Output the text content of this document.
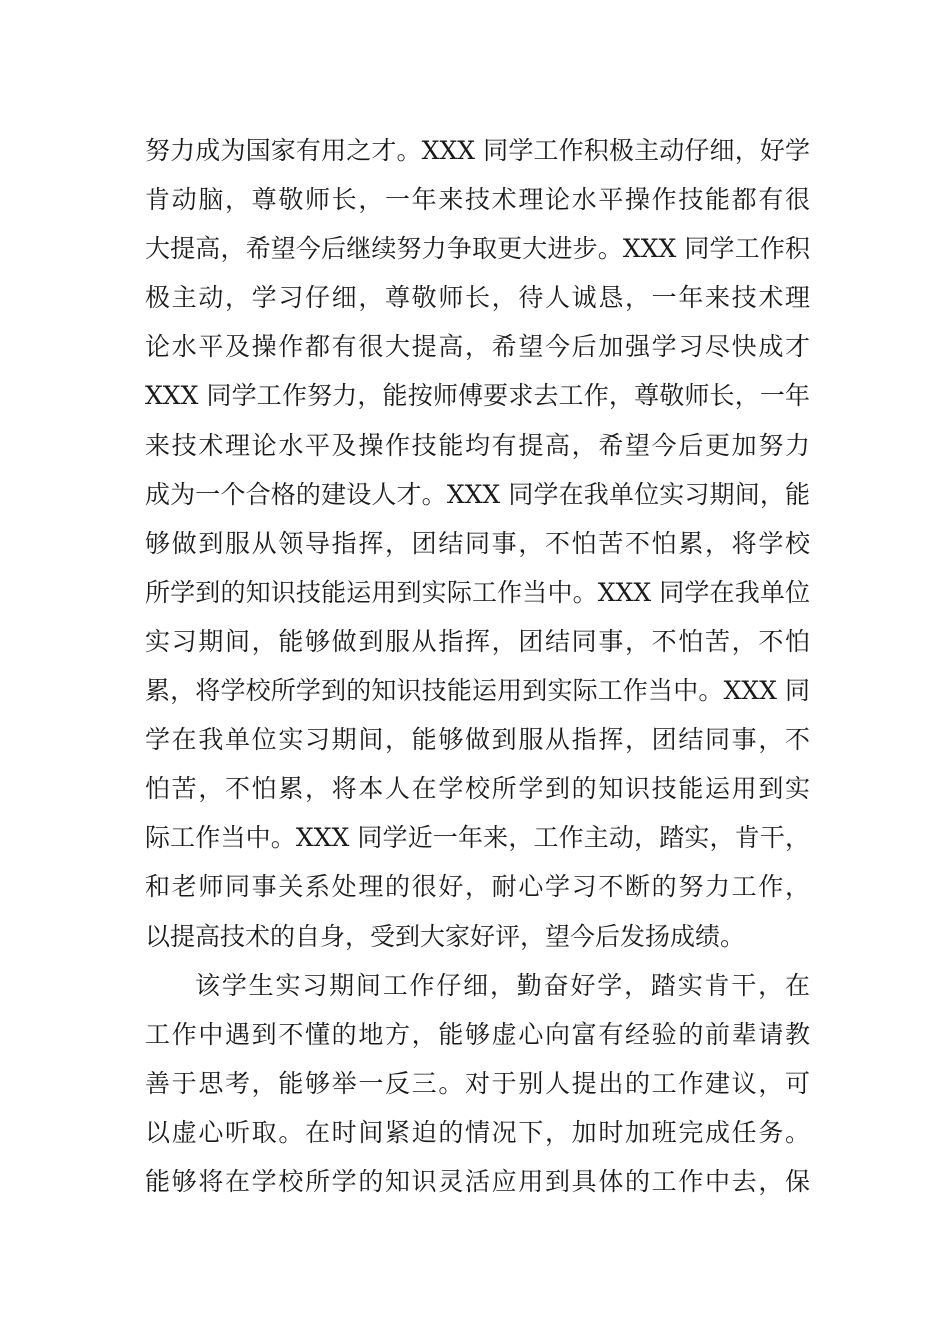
努力成为国家有用之才。XXX 同学工作积极主动仔细，好学
肯动脑，尊敬师长，一年来技术理论水平操作技能都有很
大提高，希望今后继续努力争取更大进步。XXX 同学工作积
极主动，学习仔细，尊敬师长，待人诚恳，一年来技术理
论水平及操作都有很大提高，希望今后加强学习尽快成才
XXX 同学工作努力，能按师傅要求去工作，尊敬师长，一年
来技术理论水平及操作技能均有提高，希望今后更加努力
成为一个合格的建设人才。XXX 同学在我单位实习期间，能
够做到服从领导指挥，团结同事，不怕苦不怕累，将学校
所学到的知识技能运用到实际工作当中。XXX 同学在我单位
实习期间，能够做到服从指挥，团结同事，不怕苦，不怕
累，将学校所学到的知识技能运用到实际工作当中。XXX 同
学在我单位实习期间，能够做到服从指挥，团结同事，不
怕苦，不怕累，将本人在学校所学到的知识技能运用到实
际工作当中。XXX 同学近一年来，工作主动，踏实，肯干，
和老师同事关系处理的很好，耐心学习不断的努力工作，
以提高技术的自身，受到大家好评，望今后发扬成绩。
该学生实习期间工作仔细，勤奋好学，踏实肯干，在
工作中遇到不懂的地方，能够虚心向富有经验的前辈请教
善于思考，能够举一反三。对于别人提出的工作建议，可
以虚心听取。在时间紧迫的情况下，加时加班完成任务。
能够将在学校所学的知识灵活应用到具体的工作中去，保
